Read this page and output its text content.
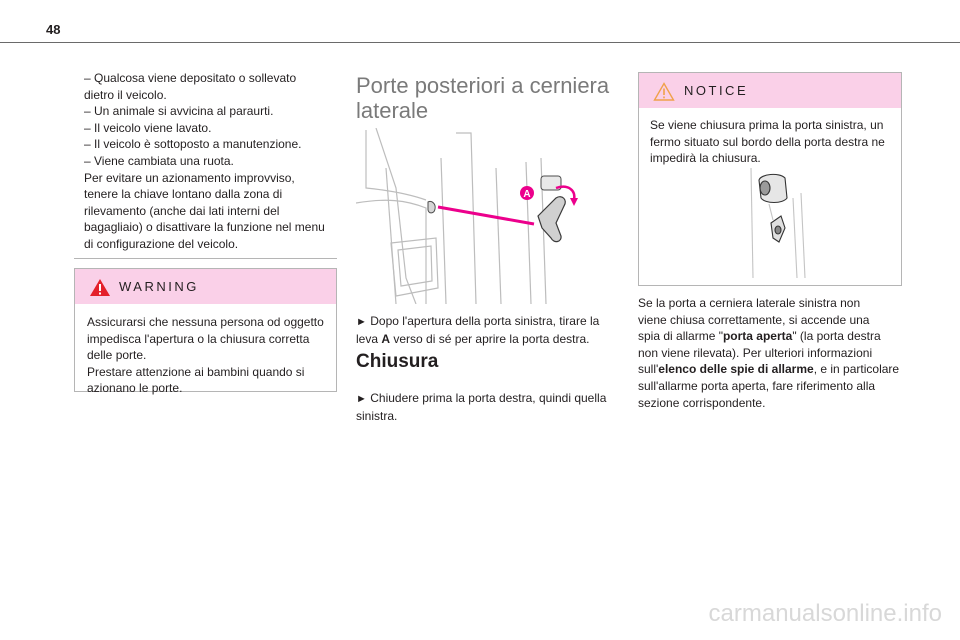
48

– Qualcosa viene depositato o sollevato

dietro il veicolo.

– Un animale si avvicina al paraurti.

– Il veicolo viene lavato.

– Il veicolo è sottoposto a manutenzione.

– Viene cambiata una ruota.

Per evitare un azionamento improvviso,

tenere la chiave lontano dalla zona di

rilevamento (anche dai lati interni del

bagagliaio) o disattivare la funzione nel menu

di configurazione del veicolo.

WARNING
Assicurarsi che nessuna persona od oggetto
impedisca l'apertura o la chiusura corretta
delle porte.
Prestare attenzione ai bambini quando si
azionano le porte.
Porte posteriori a cerniera laterale
A

► Dopo l'apertura della porta sinistra, tirare la
leva A verso di sé per aprire la porta destra.

Chiusura

► Chiudere prima la porta destra, quindi quella
sinistra.

NOTICE
Se viene chiusura prima la porta sinistra, un
fermo situato sul bordo della porta destra ne
impedirà la chiusura.

Se la porta a cerniera laterale sinistra non
viene chiusa correttamente, si accende una
spia di allarme "porta aperta" (la porta destra
non viene rilevata). Per ulteriori informazioni
sull'elenco delle spie di allarme, e in particolare
sull'allarme porta aperta, fare riferimento alla
sezione corrispondente.

carmanualsonline.info
